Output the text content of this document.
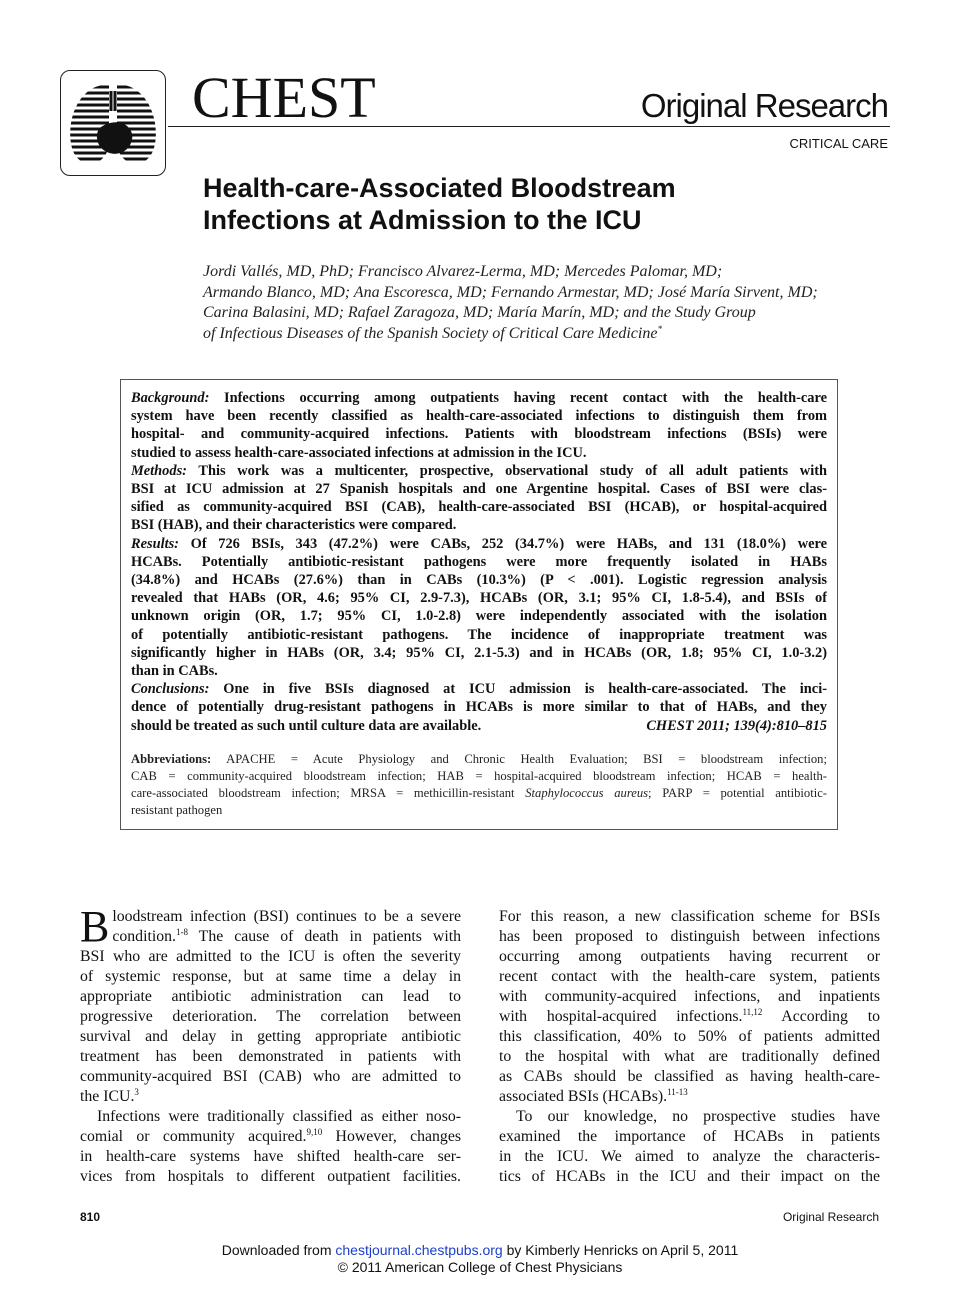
CHEST	Original Research
CRITICAL CARE
Health-care-Associated Bloodstream
Infections at Admission to the ICU
Jordi Vallés, MD, PhD; Francisco Alvarez-Lerma, MD; Mercedes Palomar, MD;
Armando Blanco, MD; Ana Escoresca, MD; Fernando Armestar, MD; José María Sirvent, MD;
Carina Balasini, MD; Rafael Zaragoza, MD; María Marín, MD; and the Study Group
of Infectious Diseases of the Spanish Society of Critical Care Medicine*
Background: Infections occurring among outpatients having recent contact with the health-care
system have been recently classified as health-care-associated infections to distinguish them from
hospital- and community-acquired infections. Patients with bloodstream infections (BSIs) were
studied to assess health-care-associated infections at admission in the ICU.
Methods: This work was a multicenter, prospective, observational study of all adult patients with
BSI at ICU admission at 27 Spanish hospitals and one Argentine hospital. Cases of BSI were clas-
sified as community-acquired BSI (CAB), health-care-associated BSI (HCAB), or hospital-acquired
BSI (HAB), and their characteristics were compared.
Results: Of 726 BSIs, 343 (47.2%) were CABs, 252 (34.7%) were HABs, and 131 (18.0%) were
HCABs. Potentially antibiotic-resistant pathogens were more frequently isolated in HABs
(34.8%) and HCABs (27.6%) than in CABs (10.3%) (P < .001). Logistic regression analysis
revealed that HABs (OR, 4.6; 95% CI, 2.9-7.3), HCABs (OR, 3.1; 95% CI, 1.8-5.4), and BSIs of
unknown origin (OR, 1.7; 95% CI, 1.0-2.8) were independently associated with the isolation
of potentially antibiotic-resistant pathogens. The incidence of inappropriate treatment was
significantly higher in HABs (OR, 3.4; 95% CI, 2.1-5.3) and in HCABs (OR, 1.8; 95% CI, 1.0-3.2)
than in CABs.
Conclusions: One in five BSIs diagnosed at ICU admission is health-care-associated. The inci-
dence of potentially drug-resistant pathogens in HCABs is more similar to that of HABs, and they
should be treated as such until culture data are available.	CHEST 2011; 139(4):810–815
Abbreviations: APACHE = Acute Physiology and Chronic Health Evaluation; BSI = bloodstream infection;
CAB = community-acquired bloodstream infection; HAB = hospital-acquired bloodstream infection; HCAB = health-
care-associated bloodstream infection; MRSA = methicillin-resistant Staphylococcus aureus; PARP = potential antibiotic-
resistant pathogen
B loodstream infection (BSI) continues to be a severe
condition.$^{1-8}$ The cause of death in patients with
BSI who are admitted to the ICU is often the severity
of systemic response, but at same time a delay in
appropriate antibiotic administration can lead to
progressive deterioration. The correlation between
survival and delay in getting appropriate antibiotic
treatment has been demonstrated in patients with
community-acquired BSI (CAB) who are admitted to
the ICU.$^3$
Infections were traditionally classified as either noso-
comial or community acquired.$^{9,10}$ However, changes
in health-care systems have shifted health-care ser-
vices from hospitals to different outpatient facilities.
For this reason, a new classification scheme for BSIs
has been proposed to distinguish between infections
occurring among outpatients having recurrent or
recent contact with the health-care system, patients
with community-acquired infections, and inpatients
with hospital-acquired infections.$^{11,12}$ According to
this classification, 40% to 50% of patients admitted
to the hospital with what are traditionally defined
as CABs should be classified as having health-care-
associated BSIs (HCABs).$^{11-13}$
To our knowledge, no prospective studies have
examined the importance of HCABs in patients
in the ICU. We aimed to analyze the characteris-
tics of HCABs in the ICU and their impact on the
810	Original Research
Downloaded from chestjournal.chestpubs.org by Kimberly Henricks on April 5, 2011
© 2011 American College of Chest Physicians
